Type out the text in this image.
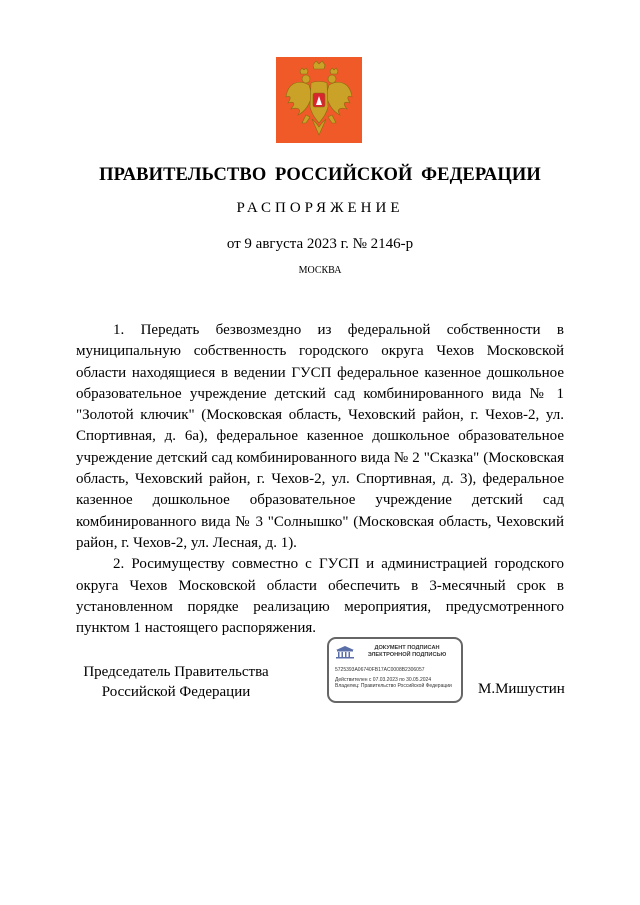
ПРАВИТЕЛЬСТВО РОССИЙСКОЙ ФЕДЕРАЦИИ
РАСПОРЯЖЕНИЕ
от 9 августа 2023 г. № 2146-р
МОСКВА

1. Передать безвозмездно из федеральной собственности в муниципальную собственность городского округа Чехов Московской области находящиеся в ведении ГУСП федеральное казенное дошкольное образовательное учреждение детский сад комбинированного вида № 1 "Золотой ключик" (Московская область, Чеховский район, г. Чехов-2, ул. Спортивная, д. 6а), федеральное казенное дошкольное образовательное учреждение детский сад комбинированного вида № 2 "Сказка" (Московская область, Чеховский район, г. Чехов-2, ул. Спортивная, д. 3), федеральное казенное дошкольное образовательное учреждение детский сад комбинированного вида № 3 "Солнышко" (Московская область, Чеховский район, г. Чехов-2, ул. Лесная, д. 1).

2. Росимуществу совместно с ГУСП и администрацией городского округа Чехов Московской области обеспечить в 3-месячный срок в установленном порядке реализацию мероприятия, предусмотренного пунктом 1 настоящего распоряжения.

Председатель Правительства
Российской Федерации
ДОКУМЕНТ ПОДПИСАН
ЭЛЕКТРОННОЙ ПОДПИСЬЮ
5725393A06740FB17AC0008B2306057
Действителен с 07.03.2023 по 30.05.2024
Владелец: Правительство Российской Федерации	М.Мишустин
